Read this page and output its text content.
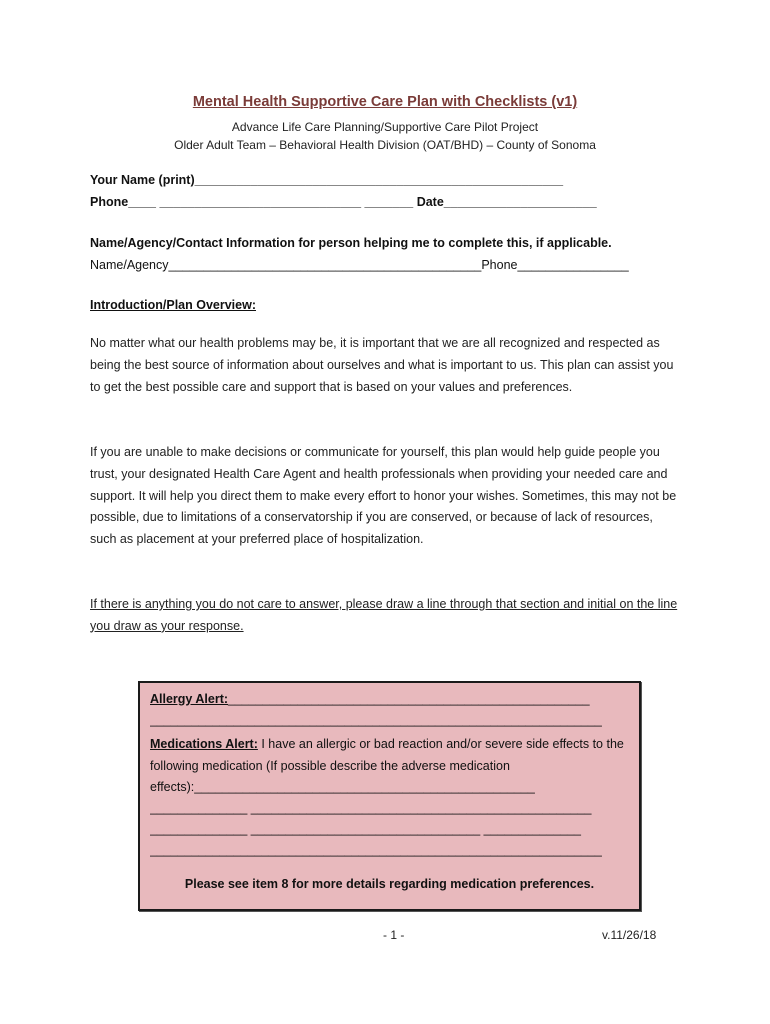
Mental Health Supportive Care Plan with Checklists (v1)
Advance Life Care Planning/Supportive Care Pilot Project
Older Adult Team – Behavioral Health Division (OAT/BHD) – County of Sonoma
Your Name (print)_____________________________________________________
Phone____ _____________________________ _______ Date______________________
Name/Agency/Contact Information for person helping me to complete this, if applicable.
Name/Agency_____________________________________________Phone________________
Introduction/Plan Overview:
No matter what our health problems may be, it is important that we are all recognized and respected as being the best source of information about ourselves and what is important to us. This plan can assist you to get the best possible care and support that is based on your values and preferences.
If you are unable to make decisions or communicate for yourself, this plan would help guide people you trust, your designated Health Care Agent and health professionals when providing your needed care and support. It will help you direct them to make every effort to honor your wishes. Sometimes, this may not be possible, due to limitations of a conservatorship if you are conserved, or because of lack of resources, such as placement at your preferred place of hospitalization.
If there is anything you do not care to answer, please draw a line through that section and initial on the line you draw as your response.
Allergy Alert:____________________________________________________
_________________________________________________________________
Medications Alert: I have an allergic or bad reaction and/or severe side effects to the following medication (If possible describe the adverse medication effects):_________________________________________________
______________ _________________________________________________
______________ _________________________________ ______________
_________________________________________________________________
Please see item 8 for more details regarding medication preferences.
- 1 -	v.11/26/18
